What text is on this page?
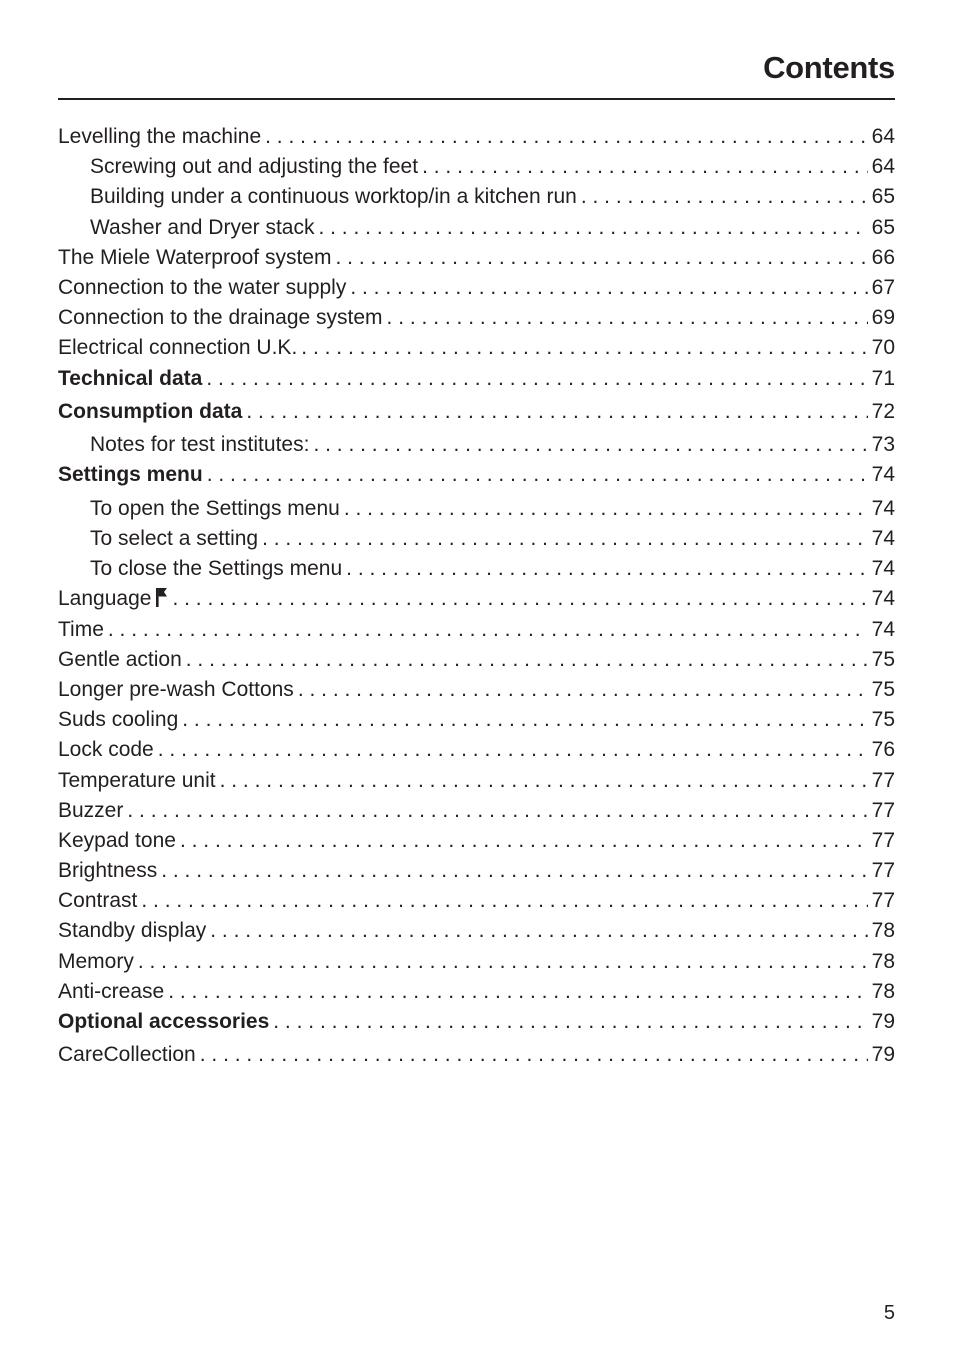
Contents
Levelling the machine . . .	64
Screwing out and adjusting the feet . . .	64
Building under a continuous worktop/in a kitchen run . . .	65
Washer and Dryer stack . . .	65
The Miele Waterproof system . . .	66
Connection to the water supply . . .	67
Connection to the drainage system . . .	69
Electrical connection U.K. . . .	70
Technical data . . .	71
Consumption data . . .	72
Notes for test institutes: . . .	73
Settings menu . . .	74
To open the Settings menu . . .	74
To select a setting . . .	74
To close the Settings menu . . .	74
Language . . .	74
Time . . .	74
Gentle action . . .	75
Longer pre-wash Cottons . . .	75
Suds cooling . . .	75
Lock code . . .	76
Temperature unit . . .	77
Buzzer . . .	77
Keypad tone . . .	77
Brightness . . .	77
Contrast . . .	77
Standby display . . .	78
Memory . . .	78
Anti-crease . . .	78
Optional accessories . . .	79
CareCollection . . .	79
5
